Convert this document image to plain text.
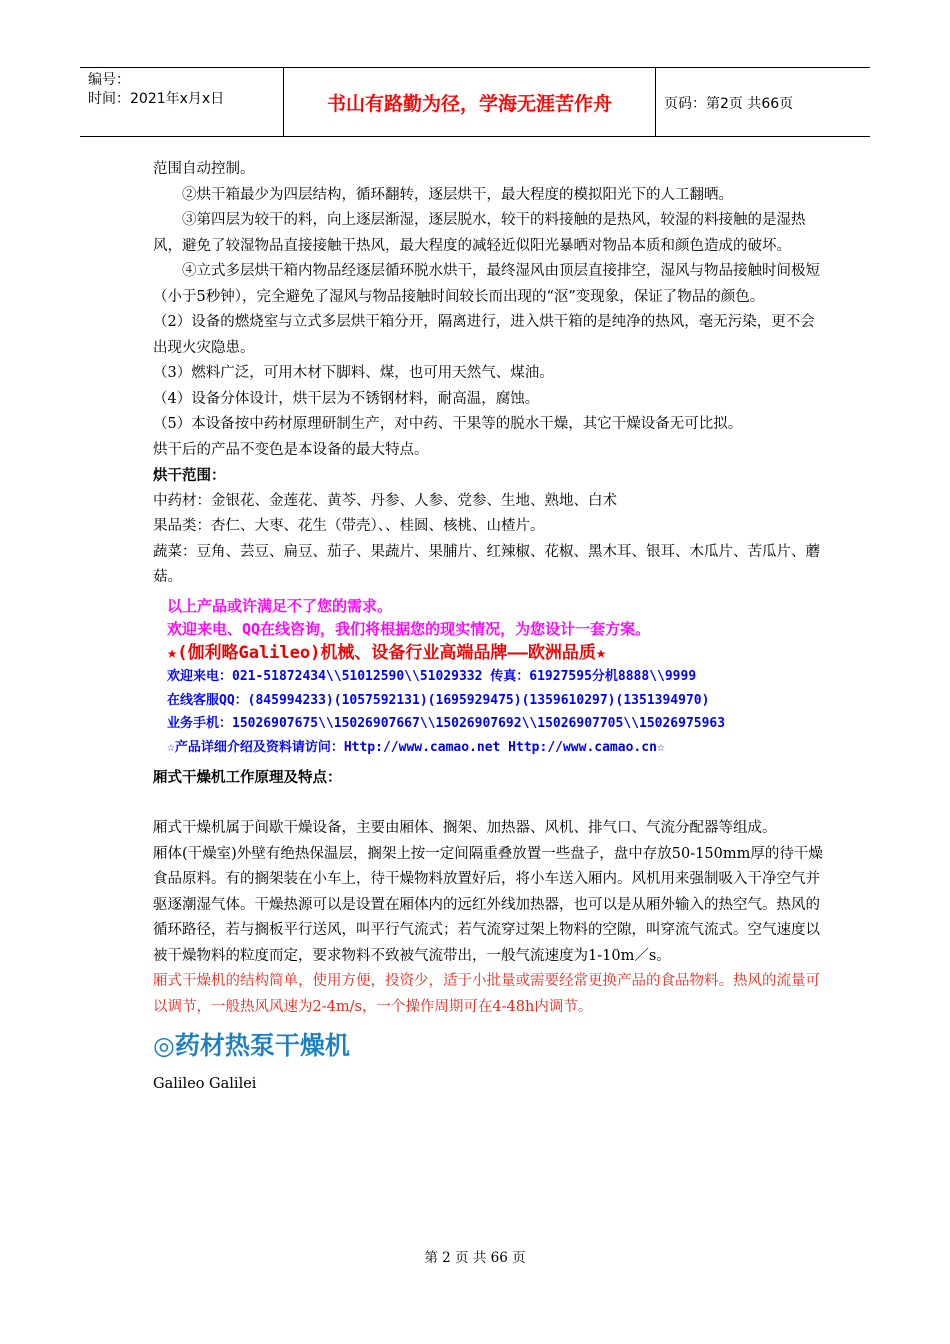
编号：
时间：2021年x月x日	书山有路勤为径，学海无涯苦作舟	页码：第2页 共66页

范围自动控制。

②烘干箱最少为四层结构，循环翻转，逐层烘干，最大程度的模拟阳光下的人工翻晒。

③第四层为较干的料，向上逐层渐湿，逐层脱水，较干的料接触的是热风，较湿的料接触的是湿热风，避免了较湿物品直接接触干热风，最大程度的减轻近似阳光暴晒对物品本质和颜色造成的破坏。

④立式多层烘干箱内物品经逐层循环脱水烘干，最终湿风由顶层直接排空，湿风与物品接触时间极短（小于5秒钟），完全避免了湿风与物品接触时间较长而出现的“沤”变现象，保证了物品的颜色。

（2）设备的燃烧室与立式多层烘干箱分开，隔离进行，进入烘干箱的是纯净的热风，毫无污染，更不会出现火灾隐患。

（3）燃料广泛，可用木材下脚料、煤，也可用天然气、煤油。

（4）设备分体设计，烘干层为不锈钢材料，耐高温，腐蚀。

（5）本设备按中药材原理研制生产，对中药、干果等的脱水干燥，其它干燥设备无可比拟。

烘干后的产品不变色是本设备的最大特点。

烘干范围：

中药材：金银花、金莲花、黄芩、丹参、人参、党参、生地、熟地、白术

果品类：杏仁、大枣、花生（带壳）、、桂圆、核桃、山楂片。

蔬菜：豆角、芸豆、扁豆、茄子、果蔬片、果脯片、红辣椒、花椒、黑木耳、银耳、木瓜片、苦瓜片、蘑菇。

以上产品或许满足不了您的需求。
欢迎来电、QQ在线咨询，我们将根据您的现实情况，为您设计一套方案。
★(伽利略Galileo)机械、设备行业高端品牌——欧洲品质★
欢迎来电：021-51872434\\51012590\\51029332 传真：61927595分机8888\\9999
在线客服QQ：(845994233)(1057592131)(1695929475)(1359610297)(1351394970)
业务手机：15026907675\\15026907667\\15026907692\\15026907705\\15026975963
☆产品详细介绍及资料请访问：Http://www.camao.net Http://www.camao.cn☆

厢式干燥机工作原理及特点：

厢式干燥机属于间歇干燥设备，主要由厢体、搁架、加热器、风机、排气口、气流分配器等组成。

厢体(干燥室)外壁有绝热保温层，搁架上按一定间隔重叠放置一些盘子，盘中存放50-150mm厚的待干燥食品原料。有的搁架装在小车上，待干燥物料放置好后，将小车送入厢内。风机用来强制吸入干净空气并驱逐潮湿气体。干燥热源可以是设置在厢体内的远红外线加热器，也可以是从厢外输入的热空气。热风的循环路径，若与搁板平行送风，叫平行气流式；若气流穿过架上物料的空隙，叫穿流气流式。空气速度以被干燥物料的粒度而定，要求物料不致被气流带出，一般气流速度为1-10m／s。

厢式干燥机的结构简单，使用方便，投资少，适于小批量或需要经常更换产品的食品物料。热风的流量可以调节，一般热风风速为2-4m/s，一个操作周期可在4-48h内调节。

◎药材热泵干燥机

Galileo Galilei

第 2 页 共 66 页
